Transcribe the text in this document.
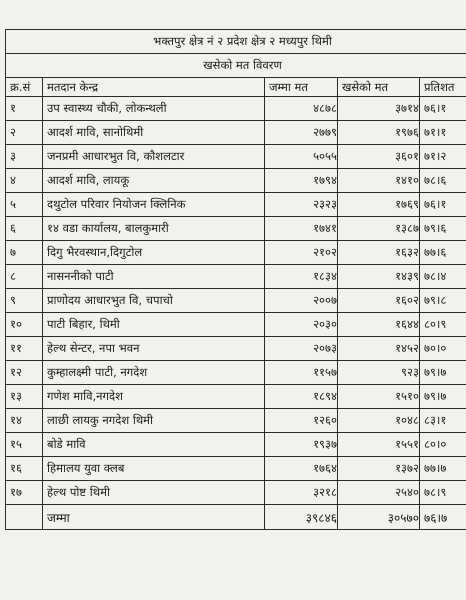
भक्तपुर क्षेत्र नं २ प्रदेश क्षेत्र २ मध्यपुर थिमी				
खसेको मत विवरण				
क्र.सं	मतदान केन्द्र	जम्मा मत	खसेको मत	प्रतिशत
१	उप स्वास्थ्य चौकी, लोकन्थली	४८७८	३७१४	७६।१
२	आदर्श मावि, सानोथिमी	२७७९	१९७६	७१।१
३	जनप्रमी आधारभुत वि, कौशलटार	५०५५	३६०१	७१।२
४	आदर्श मावि, लायकू	१७९४	१४१०	७८।६
५	दथुटोल परिवार नियोजन क्लिनिक	२३२३	१७६९	७६।१
६	१४ वडा कार्यालय, बालकुमारी	१७४१	१३८७	७९।६
७	दिगु भैरवस्थान,दिगुटोल	२१०२	१६३२	७७।६
८	नासननीको पाटी	१८३४	१४३९	७८।४
९	प्राणोदय आधारभुत वि, चपाचो	२००७	१६०२	७९।८
१०	पाटी बिहार, थिमी	२०३०	१६४४	८०।९
११	हेल्थ सेन्टर, नपा भवन	२०७३	१४५२	७०।०
१२	कुम्हालक्ष्मी पाटी, नगदेश	११५७	९२३	७९।७
१३	गणेश मावि,नगदेश	१८९४	१५१०	७९।७
१४	लाछी लायकु नगदेश थिमी	१२६०	१०४८	८३।१
१५	बोडे मावि	१९३७	१५५१	८०।०
१६	हिमालय युवा क्लब	१७६४	१३७२	७७।७
१७	हेल्थ पोष्ट थिमी	३२१८	२५४०	७८।९
	जम्मा	३९८४६	३०५७०	७६।७
